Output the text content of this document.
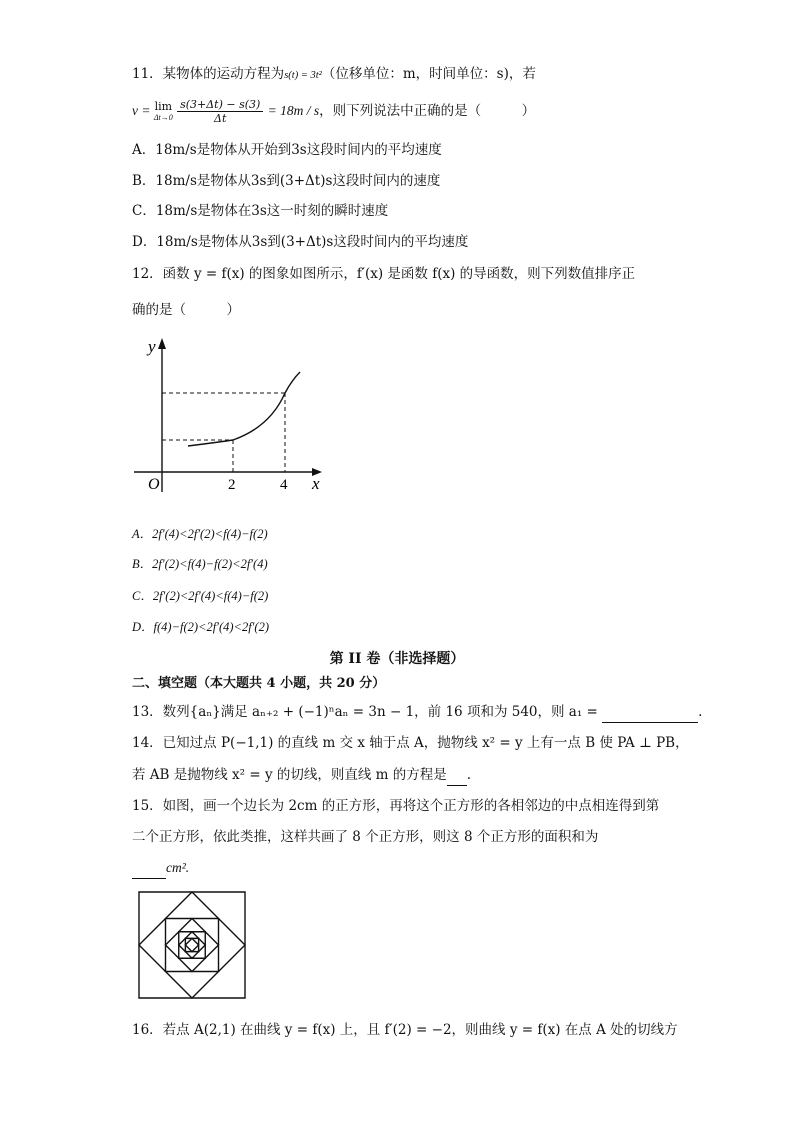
11．某物体的运动方程为s(t) = 3t²（位移单位：m，时间单位：s)，若
v = lim
Δt→0
$\frac{s(3+\Delta t) - s(3)}{\Delta t} = 18m / s$，则下列说法中正确的是（　　　）
A．18m/s是物体从开始到3s这段时间内的平均速度
B．18m/s是物体从3s到(3+Δt)s这段时间内的速度
C．18m/s是物体在3s这一时刻的瞬时速度
D．18m/s是物体从3s到(3+Δt)s这段时间内的平均速度
12．函数 y = f(x) 的图象如图所示，f′(x) 是函数 f(x) 的导函数，则下列数值排序正
确的是（　　　）
y
x
O	2	4
A．2f′(4)<2f′(2)<f(4)−f(2)
B．2f′(2)<f(4)−f(2)<2f′(4)
C．2f′(2)<2f′(4)<f(4)−f(2)
D．f(4)−f(2)<2f′(4)<2f′(2)
第 II 卷（非选择题）
二、填空题（本大题共 4 小题，共 20 分）
13．数列{aₙ}满足 aₙ₊₂ + (−1)ⁿaₙ = 3n − 1，前 16 项和为 540，则 a₁ =	.
14．已知过点 P(−1,1) 的直线 m 交 x 轴于点 A，抛物线 x² = y 上有一点 B 使 PA ⊥ PB，
若 AB 是抛物线 x² = y 的切线，则直线 m 的方程是 .
15．如图，画一个边长为 2cm 的正方形，再将这个正方形的各相邻边的中点相连得到第
二个正方形，依此类推，这样共画了 8 个正方形，则这 8 个正方形的面积和为
cm².
16．若点 A(2,1) 在曲线 y = f(x) 上，且 f′(2) = −2，则曲线 y = f(x) 在点 A 处的切线方
